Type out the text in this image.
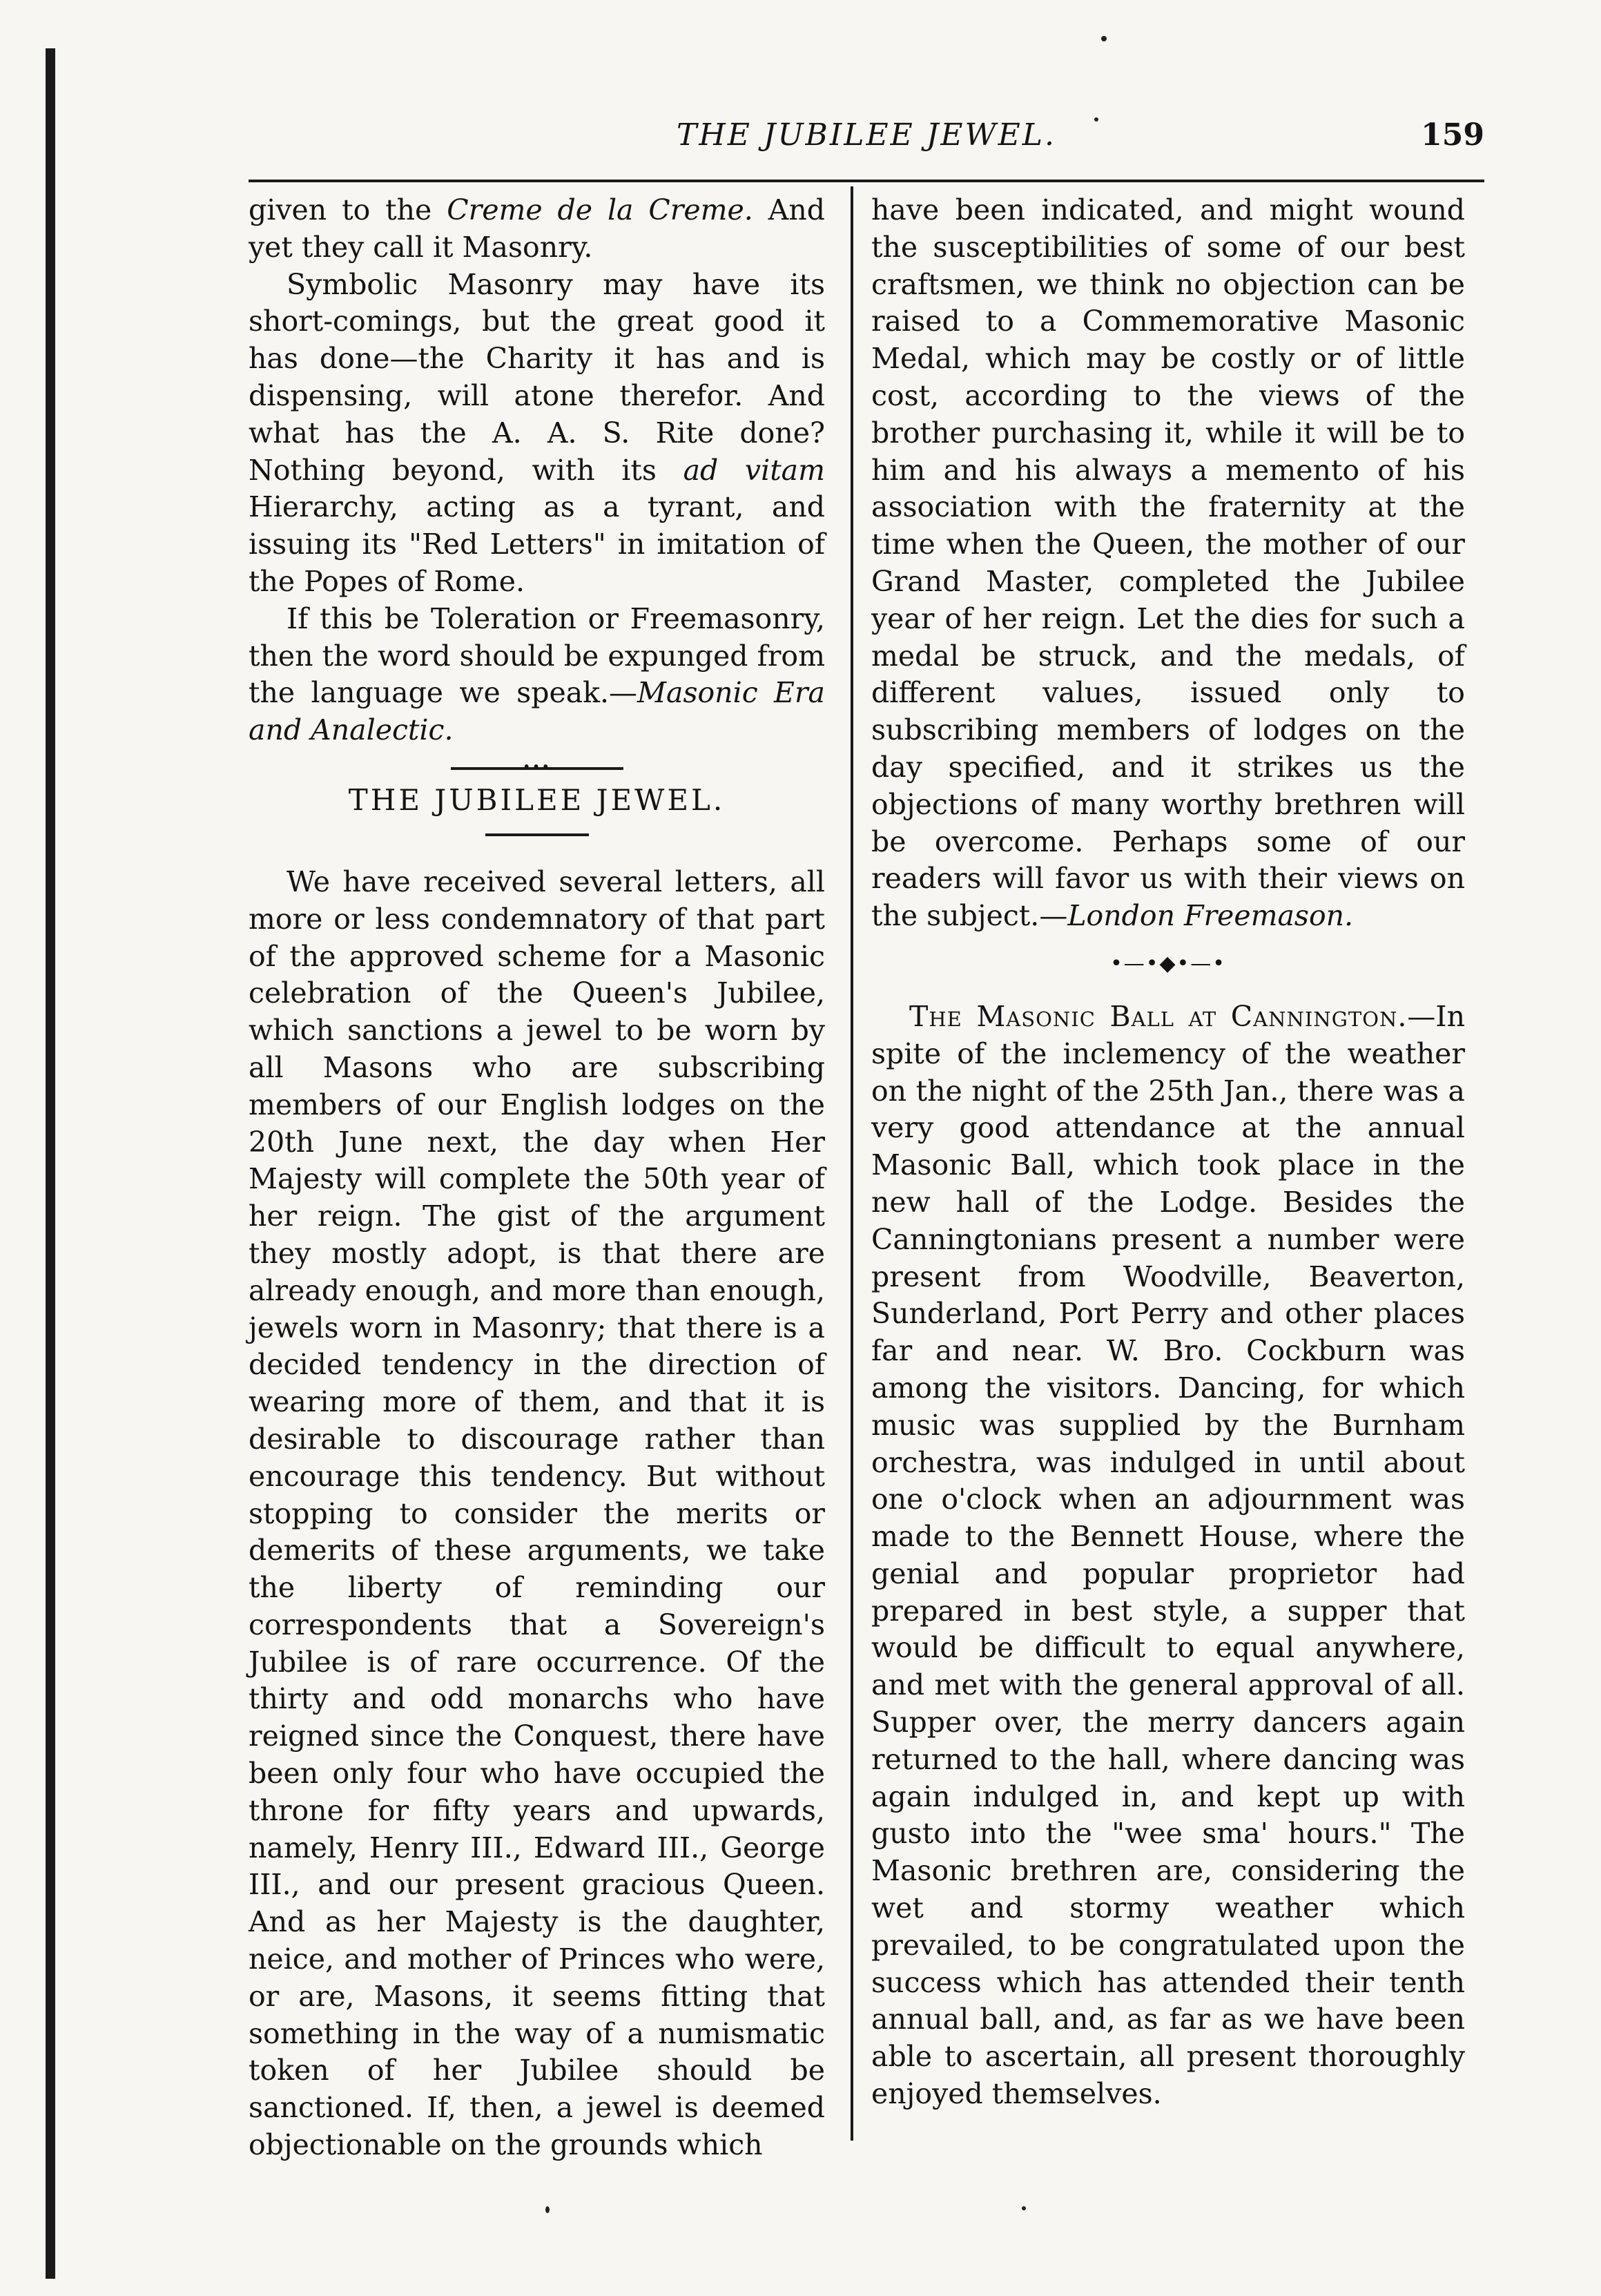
THE JUBILEE JEWEL.	159

given to the Creme de la Creme. And yet they call it Masonry.

Symbolic Masonry may have its short-comings, but the great good it has done—the Charity it has and is dispensing, will atone therefor. And what has the A. A. S. Rite done? Nothing beyond, with its ad vitam Hierarchy, acting as a tyrant, and issuing its "Red Letters" in imitation of the Popes of Rome.

If this be Toleration or Freemasonry, then the word should be expunged from the language we speak.—Masonic Era and Analectic.

•••
THE JUBILEE JEWEL.

We have received several letters, all more or less condemnatory of that part of the approved scheme for a Masonic celebration of the Queen's Jubilee, which sanctions a jewel to be worn by all Masons who are subscribing members of our English lodges on the 20th June next, the day when Her Majesty will complete the 50th year of her reign. The gist of the argument they mostly adopt, is that there are already enough, and more than enough, jewels worn in Masonry; that there is a decided tendency in the direction of wearing more of them, and that it is desirable to discourage rather than encourage this tendency. But without stopping to consider the merits or demerits of these arguments, we take the liberty of reminding our correspondents that a Sovereign's Jubilee is of rare occurrence. Of the thirty and odd monarchs who have reigned since the Conquest, there have been only four who have occupied the throne for fifty years and upwards, namely, Henry III., Edward III., George III., and our present gracious Queen. And as her Majesty is the daughter, neice, and mother of Princes who were, or are, Masons, it seems fitting that something in the way of a numismatic token of her Jubilee should be sanctioned. If, then, a jewel is deemed objectionable on the grounds which

have been indicated, and might wound the susceptibilities of some of our best craftsmen, we think no objection can be raised to a Commemorative Masonic Medal, which may be costly or of little cost, according to the views of the brother purchasing it, while it will be to him and his always a memento of his association with the fraternity at the time when the Queen, the mother of our Grand Master, completed the Jubilee year of her reign. Let the dies for such a medal be struck, and the medals, of different values, issued only to subscribing members of lodges on the day specified, and it strikes us the objections of many worthy brethren will be overcome. Perhaps some of our readers will favor us with their views on the subject.—London Freemason.

•—•◆•—•

The Masonic Ball at Cannington.—In spite of the inclemency of the weather on the night of the 25th Jan., there was a very good attendance at the annual Masonic Ball, which took place in the new hall of the Lodge. Besides the Canningtonians present a number were present from Woodville, Beaverton, Sunderland, Port Perry and other places far and near. W. Bro. Cockburn was among the visitors. Dancing, for which music was supplied by the Burnham orchestra, was indulged in until about one o'clock when an adjournment was made to the Bennett House, where the genial and popular proprietor had prepared in best style, a supper that would be difficult to equal anywhere, and met with the general approval of all. Supper over, the merry dancers again returned to the hall, where dancing was again indulged in, and kept up with gusto into the "wee sma' hours." The Masonic brethren are, considering the wet and stormy weather which prevailed, to be congratulated upon the success which has attended their tenth annual ball, and, as far as we have been able to ascertain, all present thoroughly enjoyed themselves.
